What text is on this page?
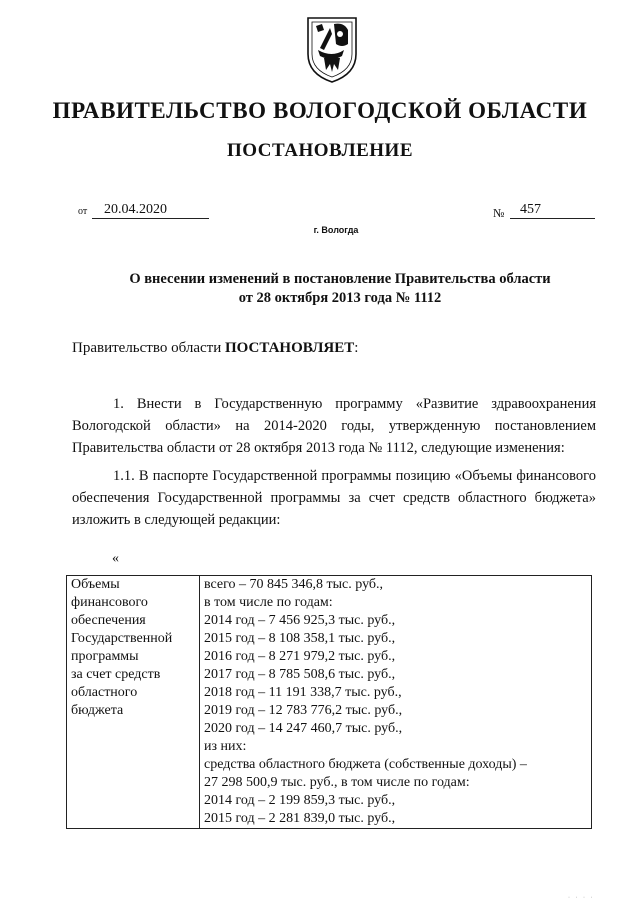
ПРАВИТЕЛЬСТВО ВОЛОГОДСКОЙ ОБЛАСТИ
ПОСТАНОВЛЕНИЕ
от	20.04.2020	№	457
г. Вологда
О внесении изменений в постановление Правительства области
от 28 октября 2013 года № 1112
Правительство области ПОСТАНОВЛЯЕТ:
1. Внести в Государственную программу «Развитие здравоохранения Вологодской области» на 2014-2020 годы, утвержденную постановлением Правительства области от 28 октября 2013 года № 1112, следующие изменения:
1.1. В паспорте Государственной программы позицию «Объемы финансового обеспечения Государственной программы за счет средств областного бюджета» изложить в следующей редакции:
«
Объемы
финансового
обеспечения
Государственной
программы
за счет средств
областного
бюджета

всего – 70 845 346,8 тыс. руб.,
в том числе по годам:
2014 год – 7 456 925,3 тыс. руб.,
2015 год – 8 108 358,1 тыс. руб.,
2016 год – 8 271 979,2 тыс. руб.,
2017 год – 8 785 508,6 тыс. руб.,
2018 год – 11 191 338,7 тыс. руб.,
2019 год – 12 783 776,2 тыс. руб.,
2020 год – 14 247 460,7 тыс. руб.,
из них:
средства областного бюджета (собственные доходы) –
27 298 500,9 тыс. руб., в том числе по годам:
2014 год – 2 199 859,3 тыс. руб.,
2015 год – 2 281 839,0 тыс. руб.,
· · · ·
